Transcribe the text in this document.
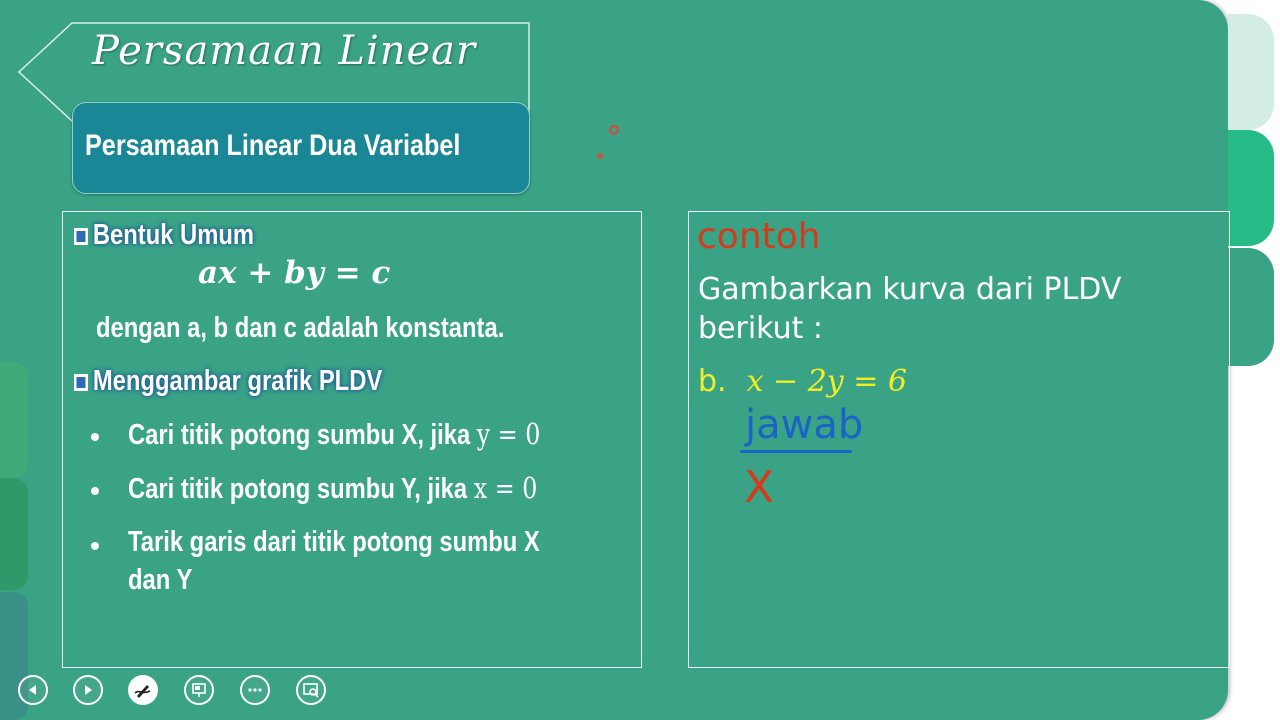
Persamaan Linear
Persamaan Linear Dua Variabel
Bentuk Umum
ax + by = c
dengan a, b dan c adalah konstanta.
Menggambar grafik PLDV
Cari titik potong sumbu X, jika y = 0
Cari titik potong sumbu Y, jika x = 0
Tarik garis dari titik potong sumbu X
dan Y
contoh
Gambarkan kurva dari PLDV
berikut :
b. x − 2y = 6
jawab
X
